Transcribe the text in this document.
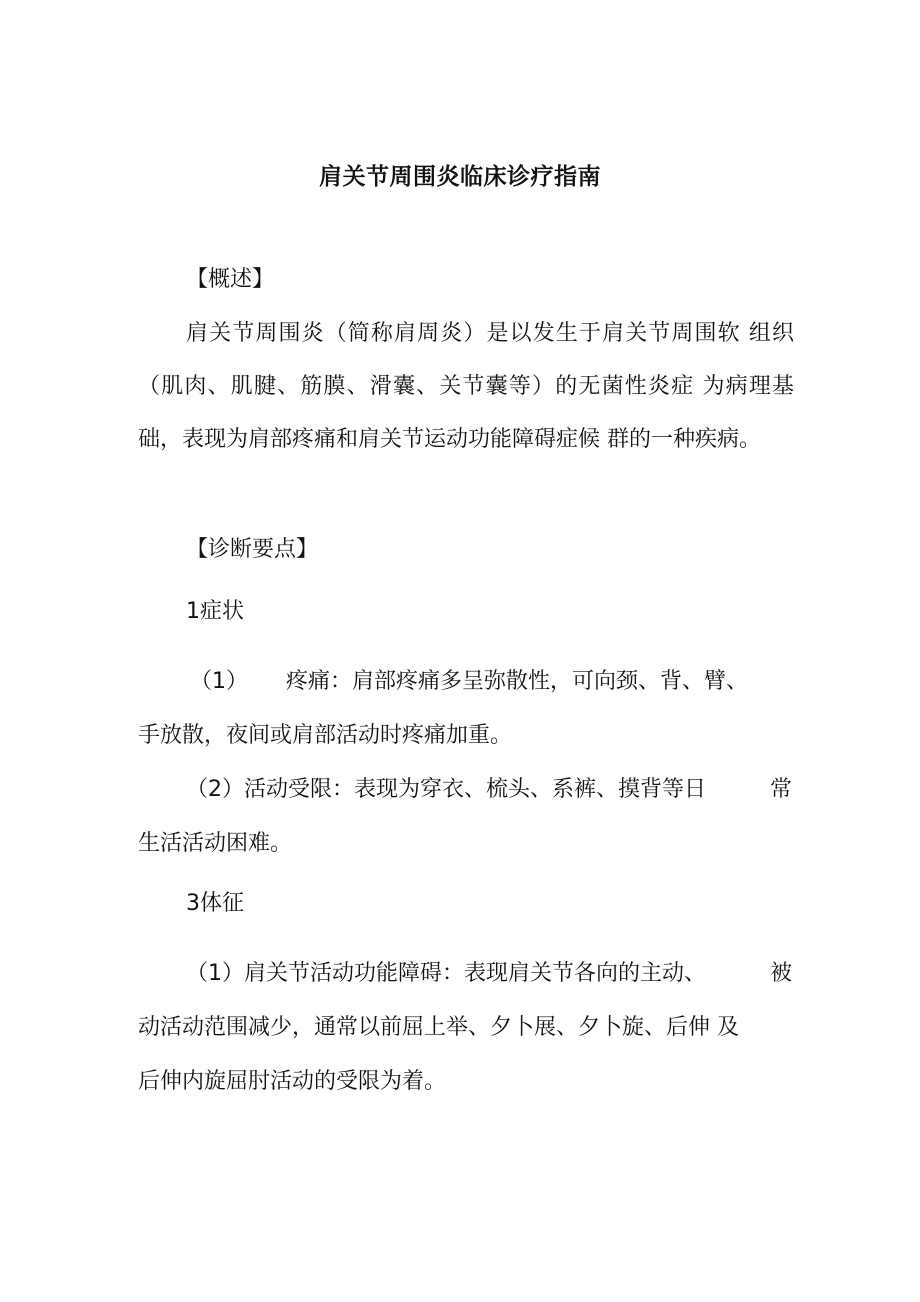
肩关节周围炎临床诊疗指南
【概述】
肩关节周围炎（简称肩周炎）是以发生于肩关节周围软 组织（肌肉、肌腱、筋膜、滑囊、关节囊等）的无菌性炎症 为病理基础，表现为肩部疼痛和肩关节运动功能障碍症候 群的一种疾病。
【诊断要点】
1症状
（1） 疼痛：肩部疼痛多呈弥散性，可向颈、背、臂、
手放散，夜间或肩部活动时疼痛加重。
（2）活动受限：表现为穿衣、梳头、系裤、摸背等日	常
生活活动困难。
3体征
（1）肩关节活动功能障碍：表现肩关节各向的主动、	被
动活动范围减少，通常以前屈上举、夕卜展、夕卜旋、后伸 及
后伸内旋屈肘活动的受限为着。
